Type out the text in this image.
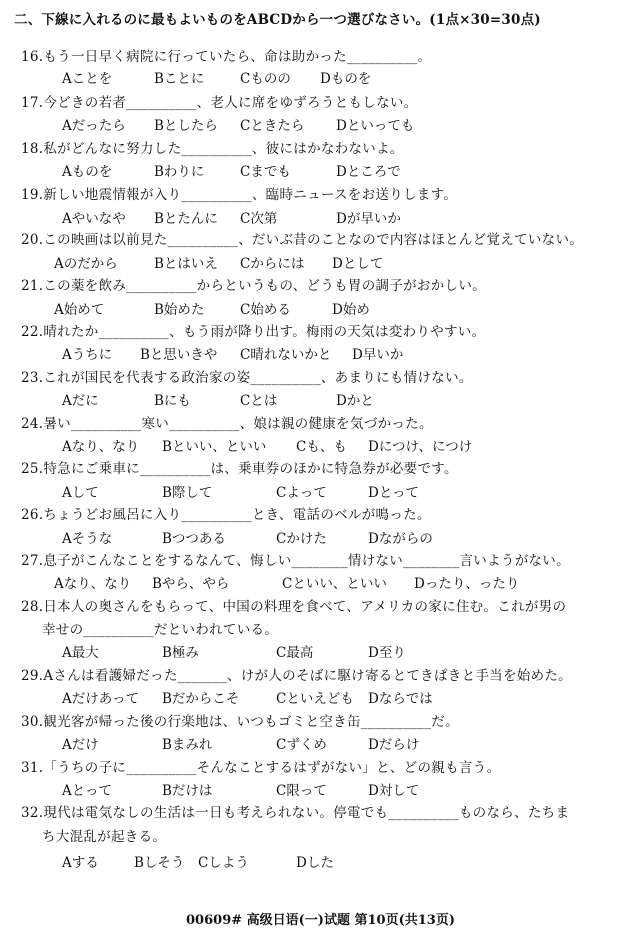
二、下線に入れるのに最もよいものをABCDから一つ選びなさい。(1点×30=30点)
16.もう一日早く病院に行っていたら、命は助かった__________。
Aことを	Bことに	Cものの Dものを
17.今どきの若者__________、老人に席をゆずろうともしない。
Aだったら Bとしたら Cときたら Dといっても
18.私がどんなに努力した__________、彼にはかなわないよ。
Aものを	Bわりに	Cまでも	Dところで
19.新しい地震情報が入り__________、臨時ニュースをお送りします。
Aやいなや Bとたんに C次第	Dが早いか
20.この映画は以前見た__________、だいぶ昔のことなので内容はほとんど覚えていない。
Aのだから	Bとはいえ Cからには Dとして
21.この薬を飲み__________からというもの、どうも胃の調子がおかしい。
A始めて	B始めた	C始める	D始め
22.晴れたか__________、もう雨が降り出す。梅雨の天気は変わりやすい。
Aうちに Bと思いきや C晴れないかと D早いか
23.これが国民を代表する政治家の姿__________、あまりにも情けない。
Aだに	Bにも	Cとは	Dかと
24.暑い__________寒い__________、娘は親の健康を気づかった。
Aなり、なり Bといい、といい Cも、も Dにつけ、につけ
25.特急にご乗車に__________は、乗車券のほかに特急券が必要です。
Aして	B際して	Cよって	Dとって
26.ちょうどお風呂に入り__________とき、電話のベルが鳴った。
Aそうな	Bつつある	Cかけた	Dながらの
27.息子がこんなことをするなんて、悔しい________情けない________言いようがない。
Aなり、なり Bやら、やら	Cといい、といい Dったり、ったり
28.日本人の奥さんをもらって、中国の料理を食べて、アメリカの家に住む。これが男の
幸せの__________だといわれている。
A最大	B極み	C最高	D至り
29.Aさんは看護婦だった_______、けが人のそばに駆け寄るとてきぱきと手当を始めた。
Aだけあって Bだからこそ	Cといえども Dならでは
30.観光客が帰った後の行楽地は、いつもゴミと空き缶__________だ。
Aだけ	Bまみれ	Cずくめ	Dだらけ
31.「うちの子に__________そんなことするはずがない」と、どの親も言う。
Aとって	Bだけは	C限って	D対して
32.現代は電気なしの生活は一日も考えられない。停電でも__________ものなら、たちま
ち大混乱が起きる。
Aする	Bしそう Cしよう	Dした
00609# 高级日语(一)试题 第10页(共13页)
